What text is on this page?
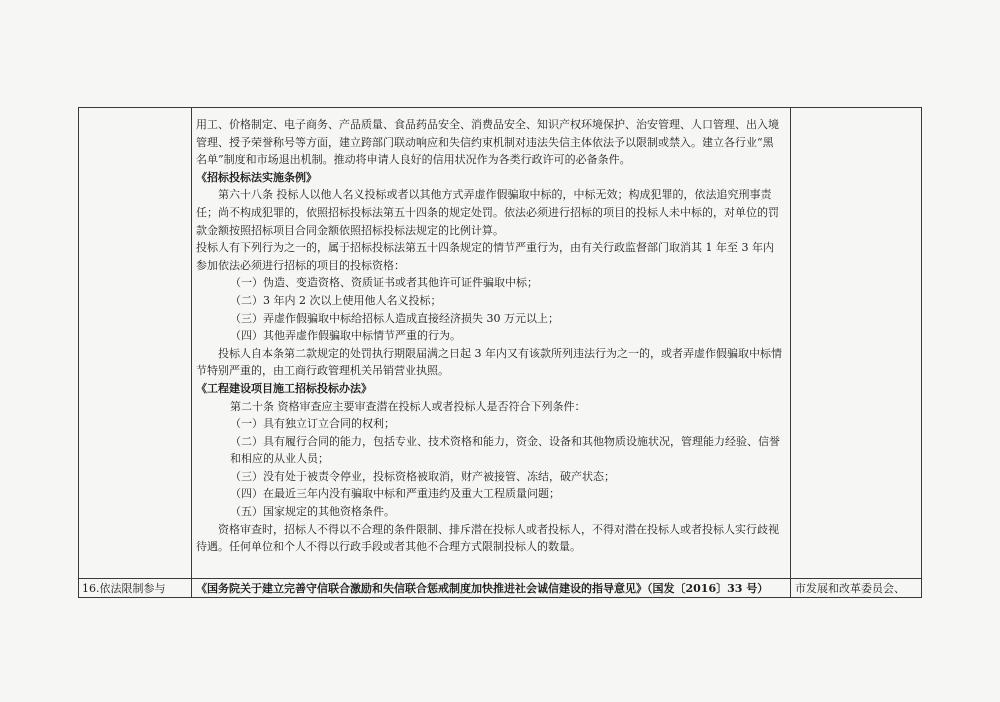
用工、价格制定、电子商务、产品质量、食品药品安全、消费品安全、知识产权环境保护、治安管理、人口管理、出入境管理、授予荣誉称号等方面，建立跨部门联动响应和失信约束机制对违法失信主体依法予以限制或禁入。建立各行业“黑名单”制度和市场退出机制。推动将申请人良好的信用状况作为各类行政许可的必备条件。

《招标投标法实施条例》

第六十八条 投标人以他人名义投标或者以其他方式弄虚作假骗取中标的，中标无效；构成犯罪的，依法追究刑事责任；尚不构成犯罪的，依照招标投标法第五十四条的规定处罚。依法必须进行招标的项目的投标人未中标的，对单位的罚款金额按照招标项目合同金额依照招标投标法规定的比例计算。

投标人有下列行为之一的，属于招标投标法第五十四条规定的情节严重行为，由有关行政监督部门取消其 1 年至 3 年内参加依法必须进行招标的项目的投标资格：

（一）伪造、变造资格、资质证书或者其他许可证件骗取中标；

（二）3 年内 2 次以上使用他人名义投标；

（三）弄虚作假骗取中标给招标人造成直接经济损失 30 万元以上；

（四）其他弄虚作假骗取中标情节严重的行为。

投标人自本条第二款规定的处罚执行期限届满之日起 3 年内又有该款所列违法行为之一的，或者弄虚作假骗取中标情节特别严重的，由工商行政管理机关吊销营业执照。

《工程建设项目施工招标投标办法》

第二十条 资格审查应主要审查潜在投标人或者投标人是否符合下列条件：

（一）具有独立订立合同的权利；

（二）具有履行合同的能力，包括专业、技术资格和能力，资金、设备和其他物质设施状况，管理能力经验、信誉和相应的从业人员；

（三）没有处于被责令停业，投标资格被取消，财产被接管、冻结，破产状态；

（四）在最近三年内没有骗取中标和严重违约及重大工程质量问题；

（五）国家规定的其他资格条件。

资格审查时，招标人不得以不合理的条件限制、排斥潜在投标人或者投标人，不得对潜在投标人或者投标人实行歧视待遇。任何单位和个人不得以行政手段或者其他不合理方式限制投标人的数量。

16.依法限制参与	《国务院关于建立完善守信联合激励和失信联合惩戒制度加快推进社会诚信建设的指导意见》（国发〔2016〕33 号）	市发展和改革委员会、
